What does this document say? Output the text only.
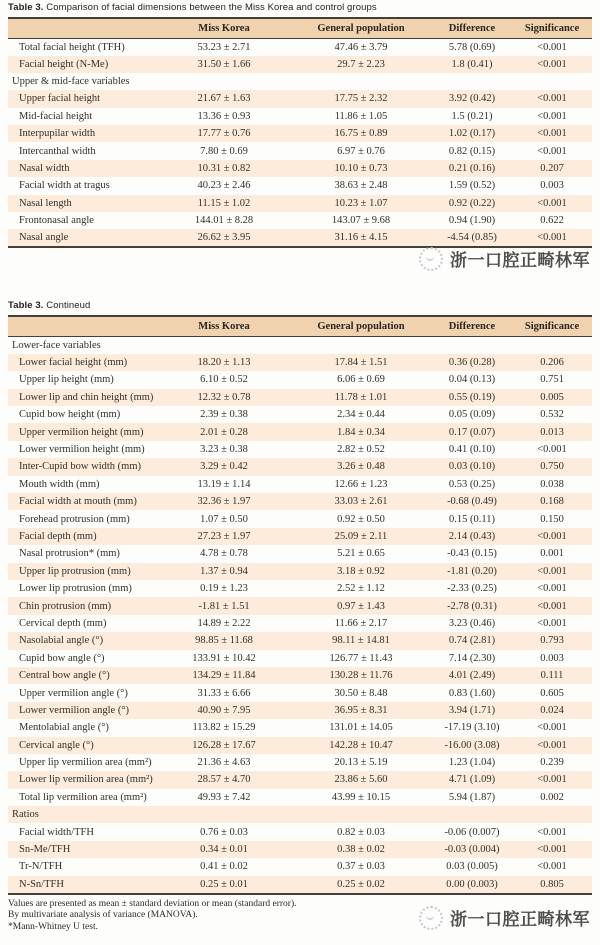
Table 3. Comparison of facial dimensions between the Miss Korea and control groups
	Miss Korea	General population	Difference	Significance
Total facial height (TFH)	53.23 ± 2.71	47.46 ± 3.79	5.78 (0.69)	<0.001
Facial height (N-Me)	31.50 ± 1.66	29.7 ± 2.23	1.8 (0.41)	<0.001
Upper & mid-face variables				
Upper facial height	21.67 ± 1.63	17.75 ± 2.32	3.92 (0.42)	<0.001
Mid-facial height	13.36 ± 0.93	11.86 ± 1.05	1.5 (0.21)	<0.001
Interpupilar width	17.77 ± 0.76	16.75 ± 0.89	1.02 (0.17)	<0.001
Intercanthal width	7.80 ± 0.69	6.97 ± 0.76	0.82 (0.15)	<0.001
Nasal width	10.31 ± 0.82	10.10 ± 0.73	0.21 (0.16)	0.207
Facial width at tragus	40.23 ± 2.46	38.63 ± 2.48	1.59 (0.52)	0.003
Nasal length	11.15 ± 1.02	10.23 ± 1.07	0.92 (0.22)	<0.001
Frontonasal angle	144.01 ± 8.28	143.07 ± 9.68	0.94 (1.90)	0.622
Nasal angle	26.62 ± 3.95	31.16 ± 4.15	-4.54 (0.85)	<0.001
浙一口腔正畸林军
Table 3. Contineud
	Miss Korea	General population	Difference	Significance
Lower-face variables				
Lower facial height (mm)	18.20 ± 1.13	17.84 ± 1.51	0.36 (0.28)	0.206
Upper lip height (mm)	6.10 ± 0.52	6.06 ± 0.69	0.04 (0.13)	0.751
Lower lip and chin height (mm)	12.32 ± 0.78	11.78 ± 1.01	0.55 (0.19)	0.005
Cupid bow height (mm)	2.39 ± 0.38	2.34 ± 0.44	0.05 (0.09)	0.532
Upper vermilion height (mm)	2.01 ± 0.28	1.84 ± 0.34	0.17 (0.07)	0.013
Lower vermilion height (mm)	3.23 ± 0.38	2.82 ± 0.52	0.41 (0.10)	<0.001
Inter-Cupid bow width (mm)	3.29 ± 0.42	3.26 ± 0.48	0.03 (0.10)	0.750
Mouth width (mm)	13.19 ± 1.14	12.66 ± 1.23	0.53 (0.25)	0.038
Facial width at mouth (mm)	32.36 ± 1.97	33.03 ± 2.61	-0.68 (0.49)	0.168
Forehead protrusion (mm)	1.07 ± 0.50	0.92 ± 0.50	0.15 (0.11)	0.150
Facial depth (mm)	27.23 ± 1.97	25.09 ± 2.11	2.14 (0.43)	<0.001
Nasal protrusion* (mm)	4.78 ± 0.78	5.21 ± 0.65	-0.43 (0.15)	0.001
Upper lip protrusion (mm)	1.37 ± 0.94	3.18 ± 0.92	-1.81 (0.20)	<0.001
Lower lip protrusion (mm)	0.19 ± 1.23	2.52 ± 1.12	-2.33 (0.25)	<0.001
Chin protrusion (mm)	-1.81 ± 1.51	0.97 ± 1.43	-2.78 (0.31)	<0.001
Cervical depth (mm)	14.89 ± 2.22	11.66 ± 2.17	3.23 (0.46)	<0.001
Nasolabial angle (°)	98.85 ± 11.68	98.11 ± 14.81	0.74 (2.81)	0.793
Cupid bow angle (°)	133.91 ± 10.42	126.77 ± 11.43	7.14 (2.30)	0.003
Central bow angle (°)	134.29 ± 11.84	130.28 ± 11.76	4.01 (2.49)	0.111
Upper vermilion angle (°)	31.33 ± 6.66	30.50 ± 8.48	0.83 (1.60)	0.605
Lower vermilion angle (°)	40.90 ± 7.95	36.95 ± 8.31	3.94 (1.71)	0.024
Mentolabial angle (°)	113.82 ± 15.29	131.01 ± 14.05	-17.19 (3.10)	<0.001
Cervical angle (°)	126.28 ± 17.67	142.28 ± 10.47	-16.00 (3.08)	<0.001
Upper lip vermilion area (mm²)	21.36 ± 4.63	20.13 ± 5.19	1.23 (1.04)	0.239
Lower lip vermilion area (mm²)	28.57 ± 4.70	23.86 ± 5.60	4.71 (1.09)	<0.001
Total lip vermilion area (mm²)	49.93 ± 7.42	43.99 ± 10.15	5.94 (1.87)	0.002
Ratios				
Facial width/TFH	0.76 ± 0.03	0.82 ± 0.03	-0.06 (0.007)	<0.001
Sn-Me/TFH	0.34 ± 0.01	0.38 ± 0.02	-0.03 (0.004)	<0.001
Tr-N/TFH	0.41 ± 0.02	0.37 ± 0.03	0.03 (0.005)	<0.001
N-Sn/TFH	0.25 ± 0.01	0.25 ± 0.02	0.00 (0.003)	0.805
Values are presented as mean ± standard deviation or mean (standard error).
By multivariate analysis of variance (MANOVA).
*Mann-Whitney U test.	浙一口腔正畸林军
